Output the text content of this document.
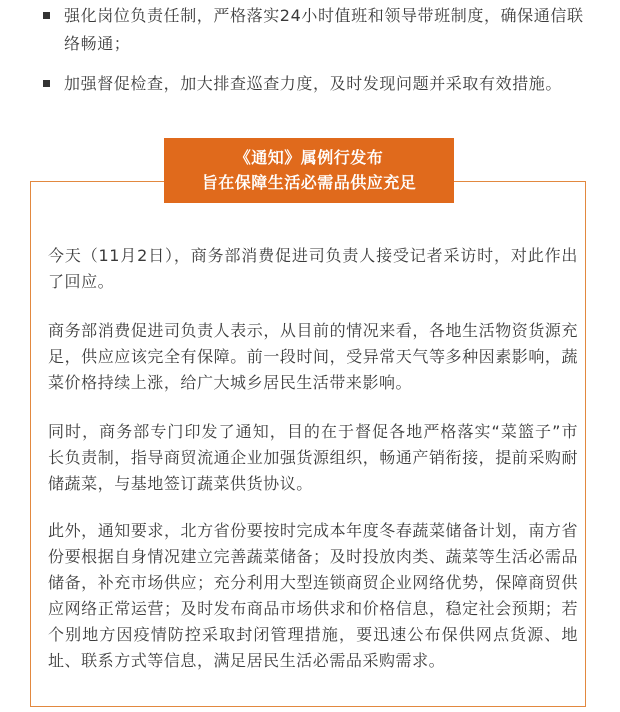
强化岗位负责任制，严格落实24小时值班和领导带班制度，确保通信联络畅通；
加强督促检查，加大排查巡查力度，及时发现问题并采取有效措施。
《通知》属例行发布
旨在保障生活必需品供应充足

今天（11月2日），商务部消费促进司负责人接受记者采访时，对此作出了回应。

商务部消费促进司负责人表示，从目前的情况来看，各地生活物资货源充足，供应应该完全有保障。前一段时间，受异常天气等多种因素影响，蔬菜价格持续上涨，给广大城乡居民生活带来影响。

同时，商务部专门印发了通知，目的在于督促各地严格落实“菜篮子”市长负责制，指导商贸流通企业加强货源组织，畅通产销衔接，提前采购耐储蔬菜，与基地签订蔬菜供货协议。

此外，通知要求，北方省份要按时完成本年度冬春蔬菜储备计划，南方省份要根据自身情况建立完善蔬菜储备；及时投放肉类、蔬菜等生活必需品储备，补充市场供应；充分利用大型连锁商贸企业网络优势，保障商贸供应网络正常运营；及时发布商品市场供求和价格信息，稳定社会预期；若个别地方因疫情防控采取封闭管理措施，要迅速公布保供网点货源、地址、联系方式等信息，满足居民生活必需品采购需求。
